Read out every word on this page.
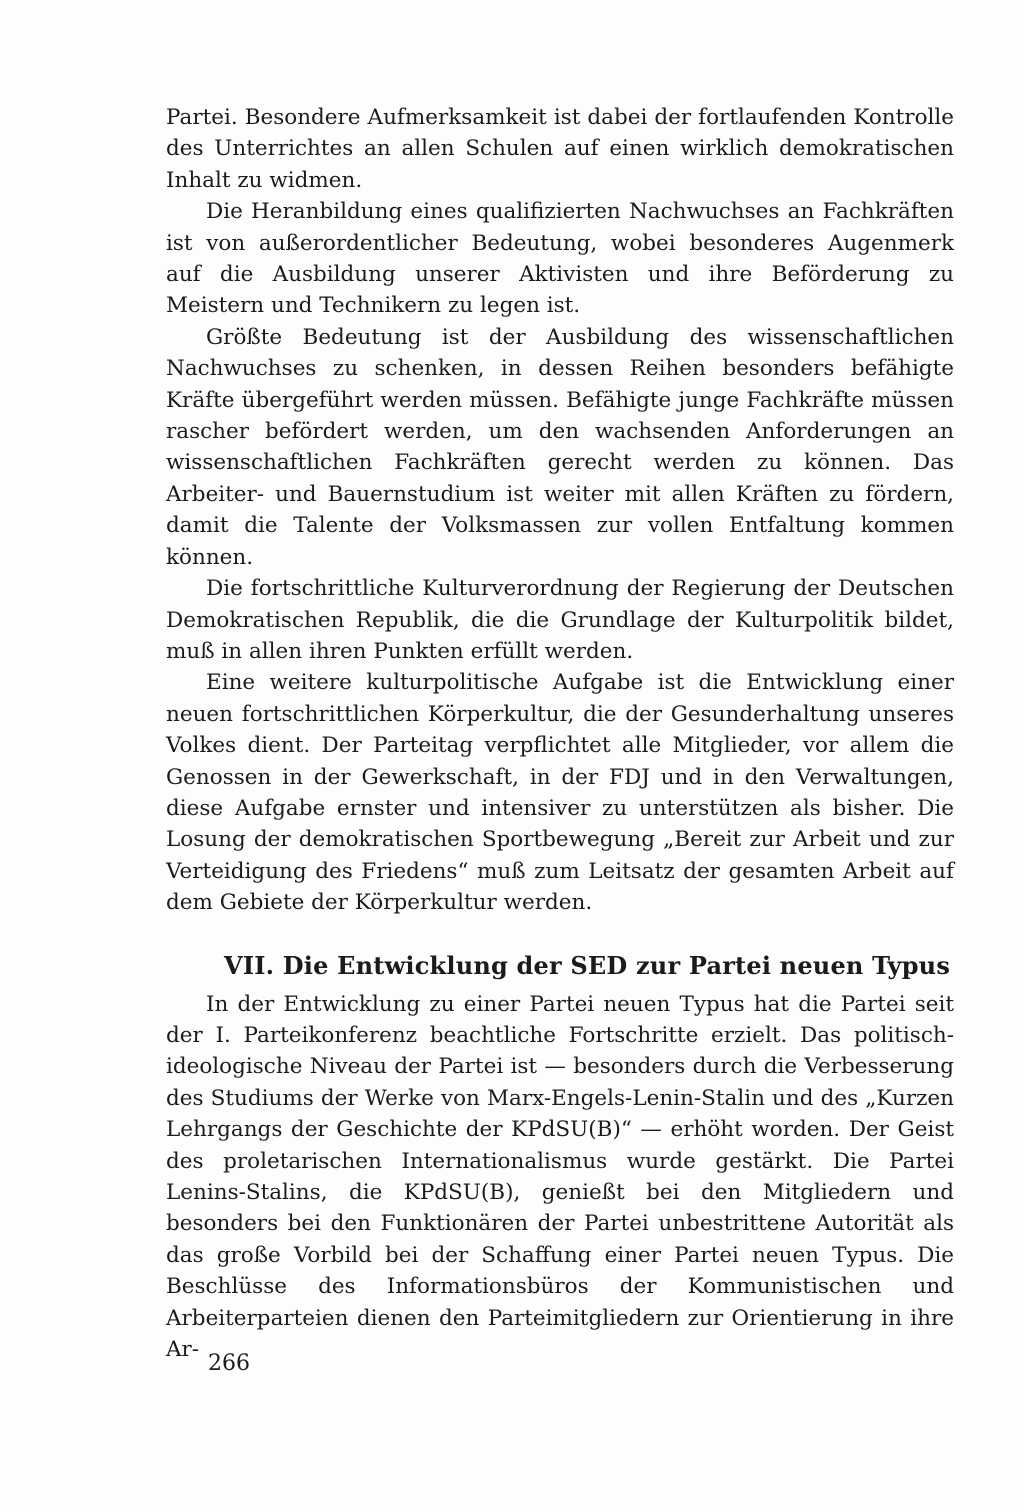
Partei. Besondere Aufmerksamkeit ist dabei der fortlaufenden Kontrolle des Unterrichtes an allen Schulen auf einen wirklich demokratischen Inhalt zu widmen.

Die Heranbildung eines qualifizierten Nachwuchses an Fachkräften ist von außerordentlicher Bedeutung, wobei besonderes Augenmerk auf die Ausbildung unserer Aktivisten und ihre Beförderung zu Meistern und Technikern zu legen ist.

Größte Bedeutung ist der Ausbildung des wissenschaftlichen Nachwuchses zu schenken, in dessen Reihen besonders befähigte Kräfte übergeführt werden müssen. Befähigte junge Fachkräfte müssen rascher befördert werden, um den wachsenden Anforderungen an wissenschaftlichen Fachkräften gerecht werden zu können. Das Arbeiter- und Bauernstudium ist weiter mit allen Kräften zu fördern, damit die Talente der Volksmassen zur vollen Entfaltung kommen können.

Die fortschrittliche Kulturverordnung der Regierung der Deutschen Demokratischen Republik, die die Grundlage der Kulturpolitik bildet, muß in allen ihren Punkten erfüllt werden.

Eine weitere kulturpolitische Aufgabe ist die Entwicklung einer neuen fortschrittlichen Körperkultur, die der Gesunderhaltung unseres Volkes dient. Der Parteitag verpflichtet alle Mitglieder, vor allem die Genossen in der Gewerkschaft, in der FDJ und in den Verwaltungen, diese Aufgabe ernster und intensiver zu unterstützen als bisher. Die Losung der demokratischen Sportbewegung „Bereit zur Arbeit und zur Verteidigung des Friedens“ muß zum Leitsatz der gesamten Arbeit auf dem Gebiete der Körperkultur werden.

VII. Die Entwicklung der SED zur Partei neuen Typus

In der Entwicklung zu einer Partei neuen Typus hat die Partei seit der I. Parteikonferenz beachtliche Fortschritte erzielt. Das politisch-ideologische Niveau der Partei ist — besonders durch die Verbesserung des Studiums der Werke von Marx-Engels-Lenin-Stalin und des „Kurzen Lehrgangs der Geschichte der KPdSU(B)“ — erhöht worden. Der Geist des proletarischen Internationalismus wurde gestärkt. Die Partei Lenins-Stalins, die KPdSU(B), genießt bei den Mitgliedern und besonders bei den Funktionären der Partei unbestrittene Autorität als das große Vorbild bei der Schaffung einer Partei neuen Typus. Die Beschlüsse des Informationsbüros der Kommunistischen und Arbeiterparteien dienen den Parteimitgliedern zur Orientierung in ihre Ar-

266
